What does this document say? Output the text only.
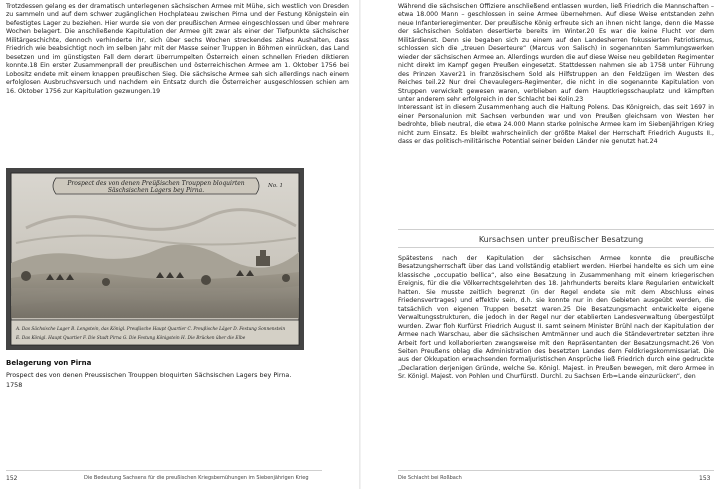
Trotzdessen gelang es der dramatisch unterlegenen sächsischen Armee mit Mühe, sich westlich von Dresden zu sammeln und auf dem schwer zugänglichen Hochplateau zwischen Pirna und der Festung Königstein ein befestigtes Lager zu beziehen. Hier wurde sie von der preußischen Armee eingeschlossen und über mehrere Wochen belagert. Die anschließende Kapitulation der Armee gilt zwar als einer der Tiefpunkte sächsischer Militärgeschichte, dennoch verhinderte ihr, sich über sechs Wochen streckendes zähes Aushalten, dass Friedrich wie beabsichtigt noch im selben Jahr mit der Masse seiner Truppen in Böhmen einrücken, das Land besetzen und im günstigsten Fall dem derart überrumpelten Österreich einen schnellen Frieden diktieren konnte.18 Ein erster Zusammenprall der preußischen und österreichischen Armee am 1. Oktober 1756 bei Lobositz endete mit einem knappen preußischen Sieg. Die sächsische Armee sah sich allerdings nach einem erfolglosen Ausbruchsversuch und nachdem ein Entsatz durch die Österreicher ausgeschlossen schien am 16. Oktober 1756 zur Kapitulation gezwungen.19

Prospect des von denen Preüßischen Trouppen bloquirten
Säschsischen Lagers bey Pirna.
No. 1
A. Das Sächsische Lager B. Lengstein, das Königl. Preußische Haupt Quartier C. Preußische Läger D. Festung Sonnenstein
E. Das Königl. Haupt Quartier F. Die Stadt Pirna G. Die Festung Königstein H. Die Brücken über die Elbe
Belagerung von Pirna
Prospect des von denen Preussischen Trouppen bloquirten Sächsischen Lagers bey Pirna. 1758
152	Die Bedeutung Sachsens für die preußischen Kriegsbemühungen im Siebenjährigen Krieg

Während die sächsischen Offiziere anschließend entlassen wurden, ließ Friedrich die Mannschaften – etwa 18.000 Mann – geschlossen in seine Armee übernehmen. Auf diese Weise entstanden zehn neue Infanterieregimenter. Der preußische König erfreute sich an ihnen nicht lange, denn die Masse der sächsischen Soldaten desertierte bereits im Winter.20 Es war die keine Flucht vor dem Militärdienst. Denn sie begaben sich zu einem auf den Landesherren fokussierten Patriotismus, schlossen sich die „treuen Deserteure“ (Marcus von Salisch) in sogenannten Sammlungswerken wieder der sächsischen Armee an. Allerdings wurden die auf diese Weise neu gebildeten Regimenter nicht direkt im Kampf gegen Preußen eingesetzt. Stattdessen nahmen sie ab 1758 unter Führung des Prinzen Xaver21 in französischem Sold als Hilfstruppen an den Feldzügen im Westen des Reiches teil.22 Nur drei Chevaulegers-Regimenter, die nicht in die sogenannte Kapitulation von Struppen verwickelt gewesen waren, verblieben auf dem Hauptkriegsschauplatz und kämpften unter anderem sehr erfolgreich in der Schlacht bei Kolin.23

Interessant ist in diesem Zusammenhang auch die Haltung Polens. Das Königreich, das seit 1697 in einer Personalunion mit Sachsen verbunden war und von Preußen gleichsam von Westen her bedrohte, blieb neutral, die etwa 24.000 Mann starke polnische Armee kam im Siebenjährigen Krieg nicht zum Einsatz. Es bleibt wahrscheinlich der größte Makel der Herrschaft Friedrich Augusts II., dass er das politisch-militärische Potential seiner beiden Länder nie genutzt hat.24

Kursachsen unter preußischer Besatzung

Spätestens nach der Kapitulation der sächsischen Armee konnte die preußische Besatzungsherrschaft über das Land vollständig etabliert werden. Hierbei handelte es sich um eine klassische „occupatio bellica“, also eine Besatzung in Zusammenhang mit einem kriegerischen Ereignis, für die die Völkerrechtsgelehrten des 18. Jahrhunderts bereits klare Regularien entwickelt hatten. Sie musste zeitlich begrenzt (in der Regel endete sie mit dem Abschluss eines Friedensvertrages) und effektiv sein, d.h. sie konnte nur in den Gebieten ausgeübt werden, die tatsächlich von eigenen Truppen besetzt waren.25 Die Besatzungsmacht entwickelte eigene Verwaltungsstrukturen, die jedoch in der Regel nur der etablierten Landesverwaltung übergestülpt wurden. Zwar floh Kurfürst Friedrich August II. samt seinem Minister Brühl nach der Kapitulation der Armee nach Warschau, aber die sächsischen Amtmänner und auch die Ständevertreter setzten ihre Arbeit fort und kollaborierten zwangsweise mit den Repräsentanten der Besatzungsmacht.26 Von Seiten Preußens oblag die Administration des besetzten Landes dem Feldkriegskommissariat. Die aus der Okkupation erwachsenden formaljuristischen Ansprüche ließ Friedrich durch eine gedruckte „Declaration derjenigen Gründe, welche Se. Königl. Majest. in Preußen bewegen, mit dero Armee in Sr. Königl. Majest. von Pohlen und Churfürstl. Durchl. zu Sachsen Erb=Lande einzurücken“, den

Die Schlacht bei Roßbach	153
